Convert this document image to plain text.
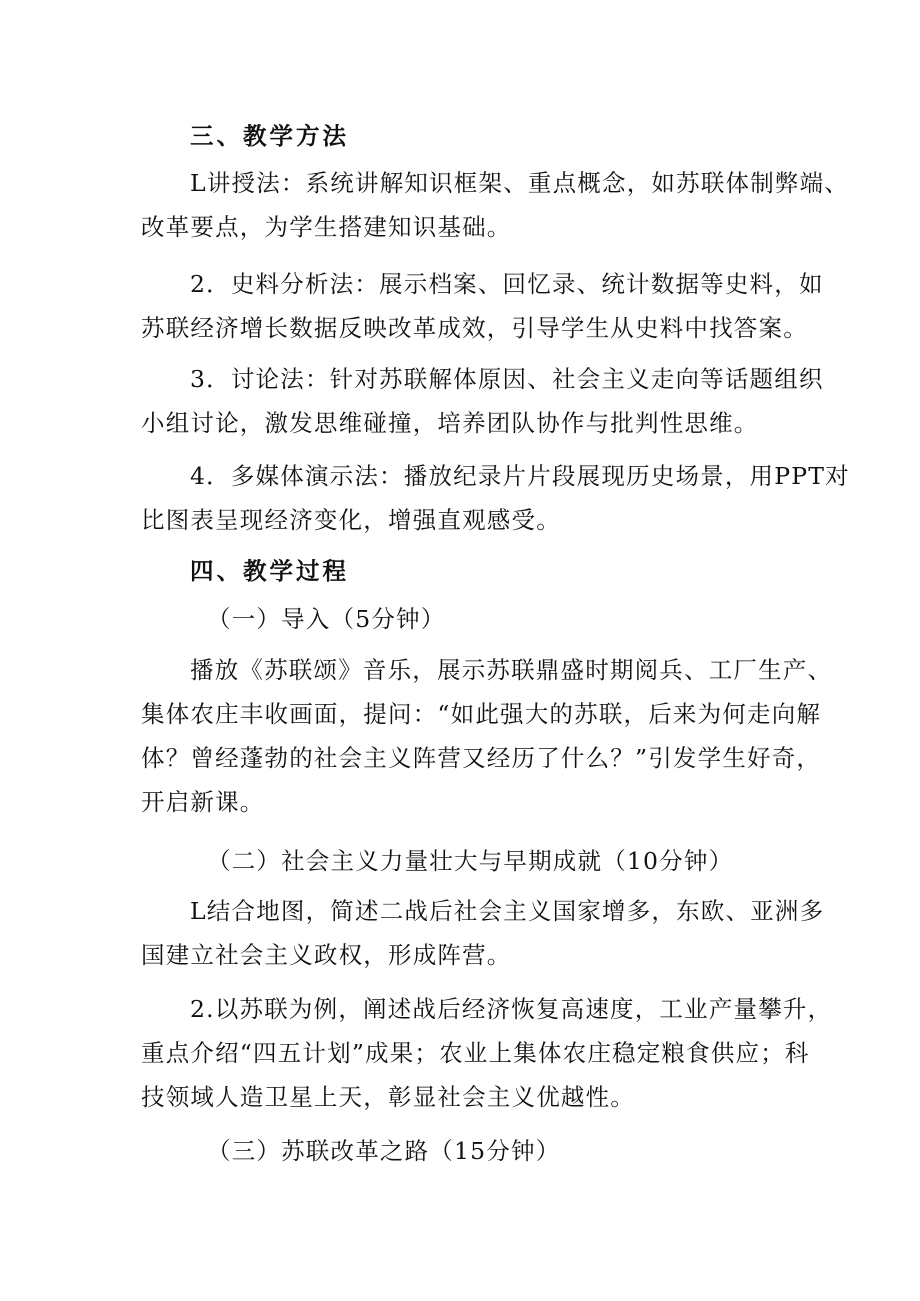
三、教学方法
L讲授法：系统讲解知识框架、重点概念，如苏联体制弊端、
改革要点，为学生搭建知识基础。
2．史料分析法：展示档案、回忆录、统计数据等史料，如
苏联经济增长数据反映改革成效，引导学生从史料中找答案。
3．讨论法：针对苏联解体原因、社会主义走向等话题组织
小组讨论，激发思维碰撞，培养团队协作与批判性思维。
4．多媒体演示法：播放纪录片片段展现历史场景，用PPT对
比图表呈现经济变化，增强直观感受。
四、教学过程
（一）导入（5分钟）
播放《苏联颂》音乐，展示苏联鼎盛时期阅兵、工厂生产、
集体农庄丰收画面，提问：“如此强大的苏联，后来为何走向解
体？曾经蓬勃的社会主义阵营又经历了什么？”引发学生好奇，
开启新课。
（二）社会主义力量壮大与早期成就（10分钟）
L结合地图，简述二战后社会主义国家增多，东欧、亚洲多
国建立社会主义政权，形成阵营。
2.以苏联为例，阐述战后经济恢复高速度，工业产量攀升，
重点介绍“四五计划”成果；农业上集体农庄稳定粮食供应；科
技领域人造卫星上天，彰显社会主义优越性。
（三）苏联改革之路（15分钟）
